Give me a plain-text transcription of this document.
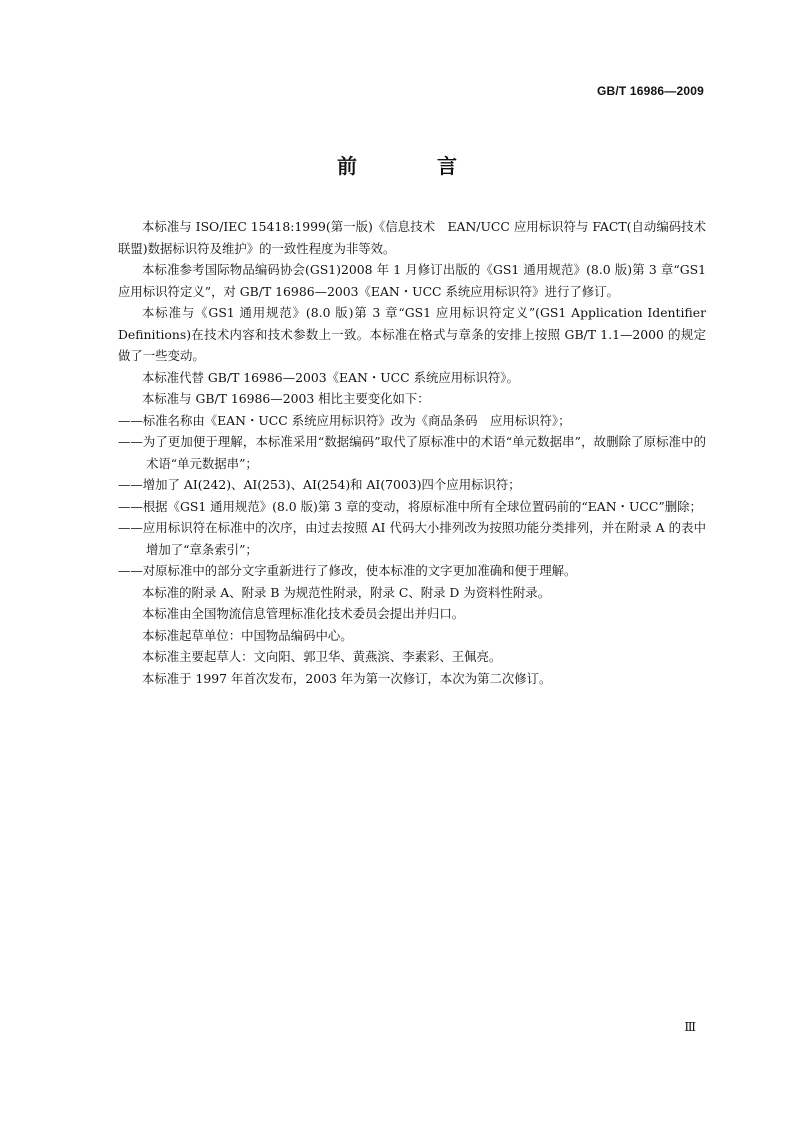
GB/T 16986—2009
前　言

本标准与 ISO/IEC 15418:1999(第一版)《信息技术　EAN/UCC 应用标识符与 FACT(自动编码技术联盟)数据标识符及维护》的一致性程度为非等效。

本标准参考国际物品编码协会(GS1)2008 年 1 月修订出版的《GS1 通用规范》(8.0 版)第 3 章“GS1 应用标识符定义”，对 GB/T 16986—2003《EAN・UCC 系统应用标识符》进行了修订。

本标准与《GS1 通用规范》(8.0 版)第 3 章“GS1 应用标识符定义”(GS1 Application Identifier Definitions)在技术内容和技术参数上一致。本标准在格式与章条的安排上按照 GB/T 1.1—2000 的规定做了一些变动。

本标准代替 GB/T 16986—2003《EAN・UCC 系统应用标识符》。

本标准与 GB/T 16986—2003 相比主要变化如下：

——标准名称由《EAN・UCC 系统应用标识符》改为《商品条码　应用标识符》；

——为了更加便于理解，本标准采用“数据编码”取代了原标准中的术语“单元数据串”，故删除了原标准中的术语“单元数据串”；

——增加了 AI(242)、AI(253)、AI(254)和 AI(7003)四个应用标识符；

——根据《GS1 通用规范》(8.0 版)第 3 章的变动，将原标准中所有全球位置码前的“EAN・UCC”删除；

——应用标识符在标准中的次序，由过去按照 AI 代码大小排列改为按照功能分类排列，并在附录 A 的表中增加了“章条索引”；

——对原标准中的部分文字重新进行了修改，使本标准的文字更加准确和便于理解。

本标准的附录 A、附录 B 为规范性附录，附录 C、附录 D 为资料性附录。

本标准由全国物流信息管理标准化技术委员会提出并归口。

本标准起草单位：中国物品编码中心。

本标准主要起草人：文向阳、郭卫华、黄燕滨、李素彩、王佩亮。

本标准于 1997 年首次发布，2003 年为第一次修订，本次为第二次修订。

Ⅲ
